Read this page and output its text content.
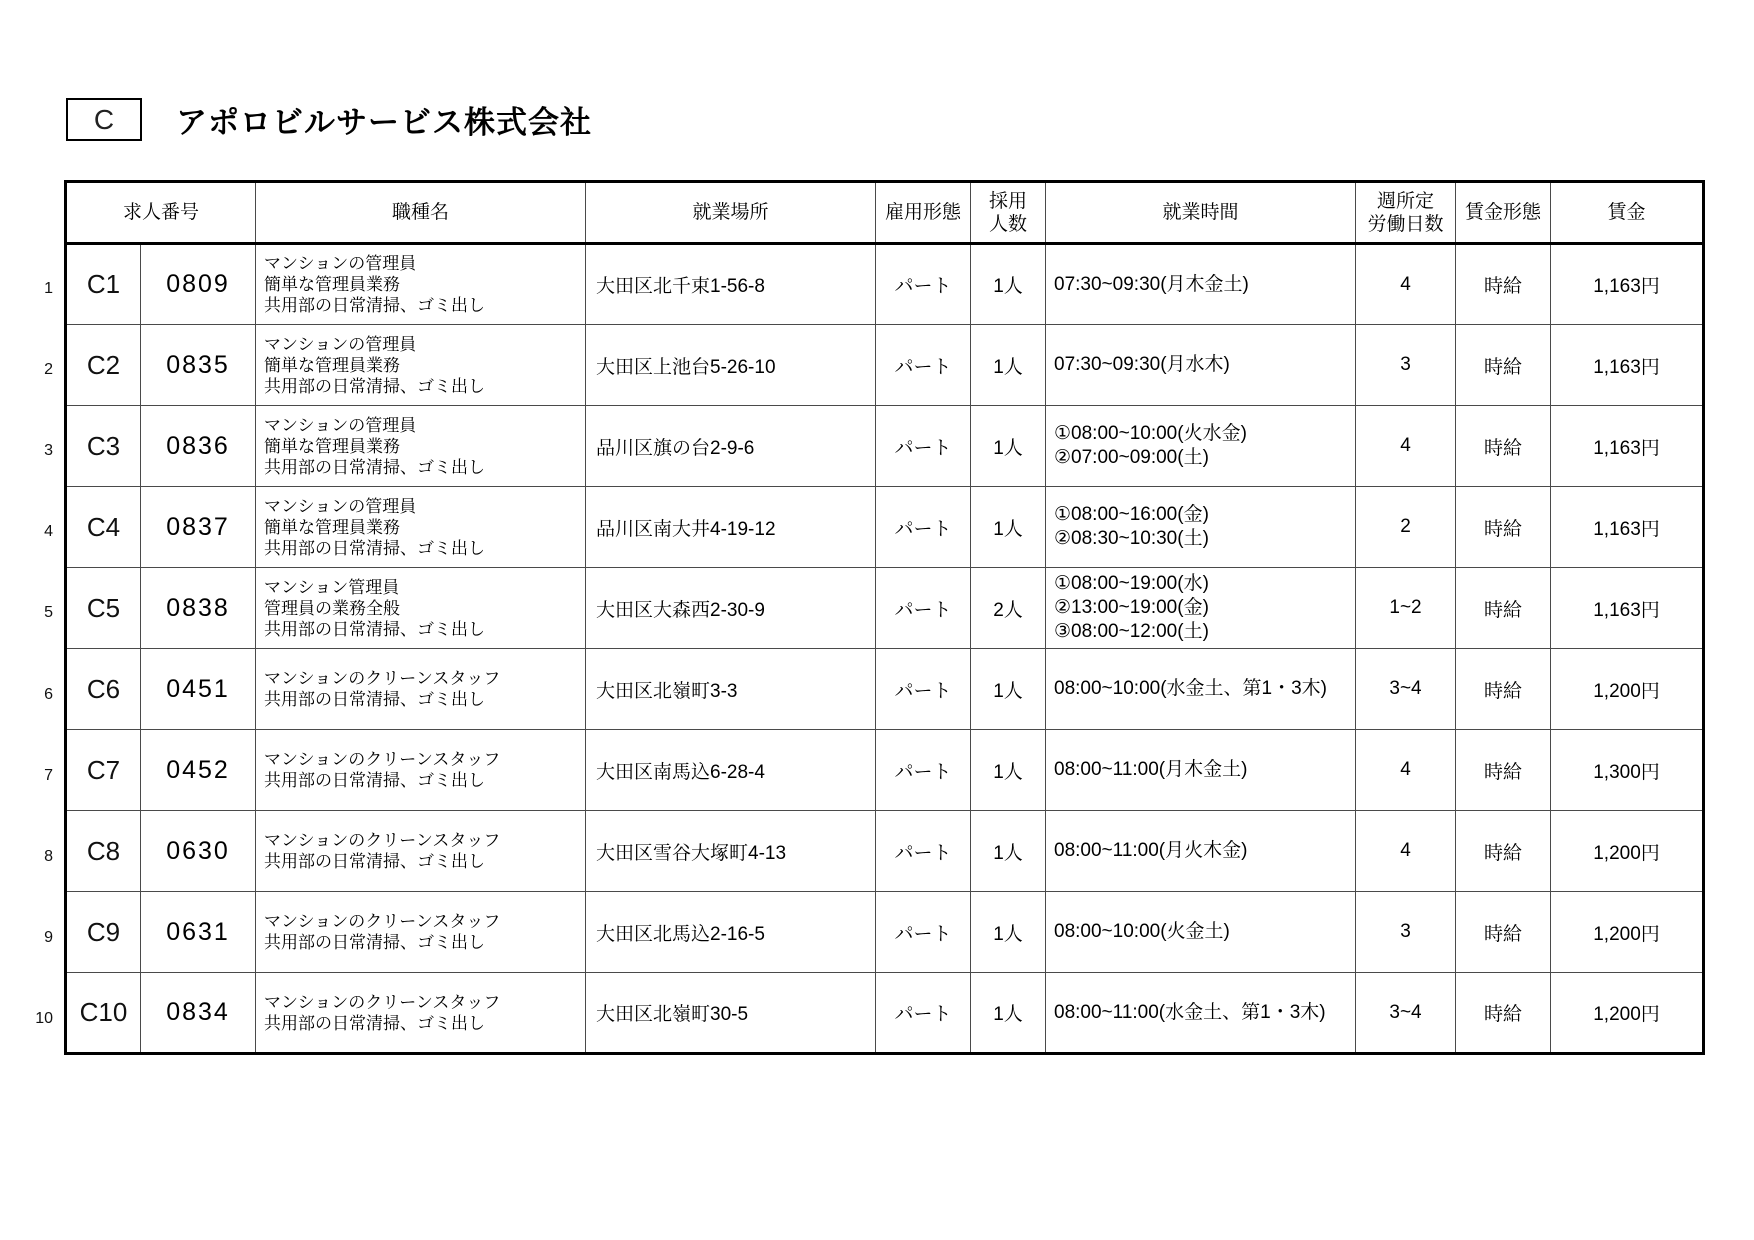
C アポロビルサービス株式会社
1
2
3
4
5
6
7
8
9
10
求人番号	職種名	就業場所	雇用形態	
採用
人数
	就業時間	
週所定
労働日数
	賃金形態	賃金
C1	0809	マンションの管理員
簡単な管理員業務
共用部の日常清掃、ゴミ出し	大田区北千束1-56-8	パート	1人	07:30~09:30(月木金土)	4	時給	1,163円
C2	0835	マンションの管理員
簡単な管理員業務
共用部の日常清掃、ゴミ出し	大田区上池台5-26-10	パート	1人	07:30~09:30(月水木)	3	時給	1,163円
C3	0836	
マンションの管理員
簡単な管理員業務
共用部の日常清掃、ゴミ出し
	品川区旗の台2-9-6	パート	1人	
①08:00~10:00(火水金)
②07:00~09:00(土)
	4	時給	1,163円
C4	0837	
マンションの管理員
簡単な管理員業務
共用部の日常清掃、ゴミ出し
	品川区南大井4-19-12	パート	1人	
①08:00~16:00(金)
②08:30~10:30(土)
	2	時給	1,163円
C5	0838	
マンション管理員
管理員の業務全般
共用部の日常清掃、ゴミ出し
	大田区大森西2-30-9	パート	2人	
①08:00~19:00(水)
②13:00~19:00(金)
③08:00~12:00(土)
	1~2	時給	1,163円
C6	0451	マンションのクリーンスタッフ
共用部の日常清掃、ゴミ出し	大田区北嶺町3-3	パート	1人	08:00~10:00(水金土、第1・3木)	3~4	時給	1,200円
C7	0452	マンションのクリーンスタッフ
共用部の日常清掃、ゴミ出し	大田区南馬込6-28-4	パート	1人	08:00~11:00(月木金土)	4	時給	1,300円
C8	0630	マンションのクリーンスタッフ
共用部の日常清掃、ゴミ出し	大田区雪谷大塚町4-13	パート	1人	08:00~11:00(月火木金)	4	時給	1,200円
C9	0631	マンションのクリーンスタッフ
共用部の日常清掃、ゴミ出し	大田区北馬込2-16-5	パート	1人	08:00~10:00(火金土)	3	時給	1,200円
C10	0834	マンションのクリーンスタッフ
共用部の日常清掃、ゴミ出し	大田区北嶺町30-5	パート	1人	08:00~11:00(水金土、第1・3木)	3~4	時給	1,200円
